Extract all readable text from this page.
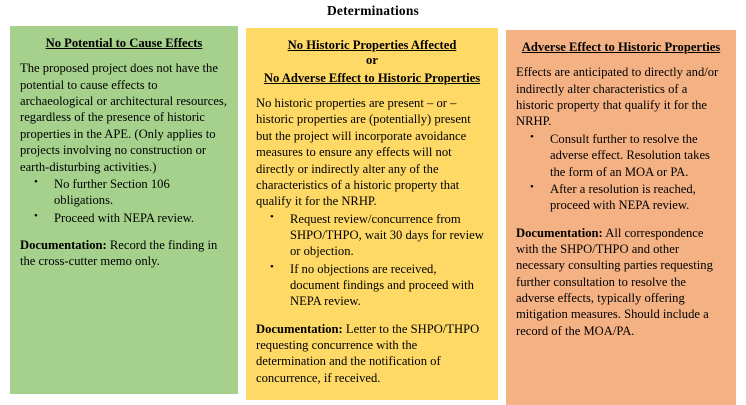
Determinations
No Potential to Cause Effects
The proposed project does not have the potential to cause effects to archaeological or architectural resources, regardless of the presence of historic properties in the APE. (Only applies to projects involving no construction or earth-disturbing activities.)
• No further Section 106 obligations.
• Proceed with NEPA review.
Documentation: Record the finding in the cross-cutter memo only.
No Historic Properties Affected
or
No Adverse Effect to Historic Properties
No historic properties are present – or – historic properties are (potentially) present but the project will incorporate avoidance measures to ensure any effects will not directly or indirectly alter any of the characteristics of a historic property that qualify it for the NRHP.
• Request review/concurrence from SHPO/THPO, wait 30 days for review or objection.
• If no objections are received, document findings and proceed with NEPA review.
Documentation: Letter to the SHPO/THPO requesting concurrence with the determination and the notification of concurrence, if received.
Adverse Effect to Historic Properties
Effects are anticipated to directly and/or indirectly alter characteristics of a historic property that qualify it for the NRHP.
• Consult further to resolve the adverse effect. Resolution takes the form of an MOA or PA.
• After a resolution is reached, proceed with NEPA review.
Documentation: All correspondence with the SHPO/THPO and other necessary consulting parties requesting further consultation to resolve the adverse effects, typically offering mitigation measures. Should include a record of the MOA/PA.
